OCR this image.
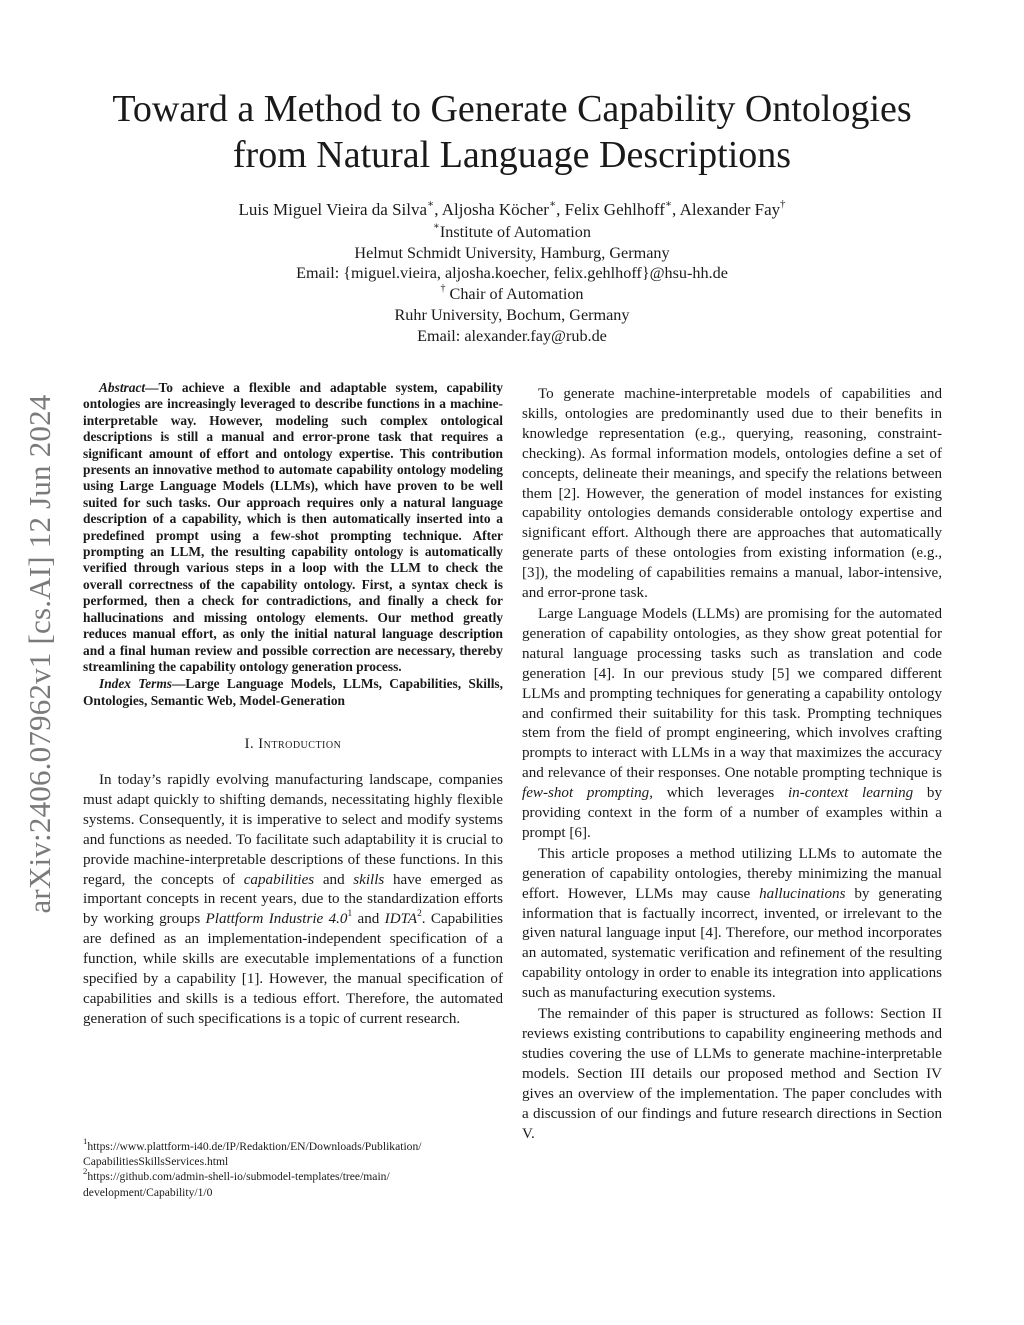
Toward a Method to Generate Capability Ontologies
from Natural Language Descriptions
Luis Miguel Vieira da Silva∗, Aljosha Köcher∗, Felix Gehlhoff∗, Alexander Fay†
∗Institute of Automation
Helmut Schmidt University, Hamburg, Germany
Email: {miguel.vieira, aljosha.koecher, felix.gehlhoff}@hsu-hh.de
† Chair of Automation
Ruhr University, Bochum, Germany
Email: alexander.fay@rub.de
arXiv:2406.07962v1 [cs.AI] 12 Jun 2024

Abstract—To achieve a flexible and adaptable system, capability ontologies are increasingly leveraged to describe functions in a machine-interpretable way. However, modeling such complex ontological descriptions is still a manual and error-prone task that requires a significant amount of effort and ontology expertise. This contribution presents an innovative method to automate capability ontology modeling using Large Language Models (LLMs), which have proven to be well suited for such tasks. Our approach requires only a natural language description of a capability, which is then automatically inserted into a predefined prompt using a few-shot prompting technique. After prompting an LLM, the resulting capability ontology is automatically verified through various steps in a loop with the LLM to check the overall correctness of the capability ontology. First, a syntax check is performed, then a check for contradictions, and finally a check for hallucinations and missing ontology elements. Our method greatly reduces manual effort, as only the initial natural language description and a final human review and possible correction are necessary, thereby streamlining the capability ontology generation process.

Index Terms—Large Language Models, LLMs, Capabilities, Skills, Ontologies, Semantic Web, Model-Generation

I. Introduction

In today’s rapidly evolving manufacturing landscape, companies must adapt quickly to shifting demands, necessitating highly flexible systems. Consequently, it is imperative to select and modify systems and functions as needed. To facilitate such adaptability it is crucial to provide machine-interpretable descriptions of these functions. In this regard, the concepts of capabilities and skills have emerged as important concepts in recent years, due to the standardization efforts by working groups Plattform Industrie $4.0^1$ and IDTA$^2$. Capabilities are defined as an implementation-independent specification of a function, while skills are executable implementations of a function specified by a capability [1]. However, the manual specification of capabilities and skills is a tedious effort. Therefore, the automated generation of such specifications is a topic of current research.

To generate machine-interpretable models of capabilities and skills, ontologies are predominantly used due to their benefits in knowledge representation (e.g., querying, reasoning, constraint-checking). As formal information models, ontologies define a set of concepts, delineate their meanings, and specify the relations between them [2]. However, the generation of model instances for existing capability ontologies demands considerable ontology expertise and significant effort. Although there are approaches that automatically generate parts of these ontologies from existing information (e.g., [3]), the modeling of capabilities remains a manual, labor-intensive, and error-prone task.

Large Language Models (LLMs) are promising for the automated generation of capability ontologies, as they show great potential for natural language processing tasks such as translation and code generation [4]. In our previous study [5] we compared different LLMs and prompting techniques for generating a capability ontology and confirmed their suitability for this task. Prompting techniques stem from the field of prompt engineering, which involves crafting prompts to interact with LLMs in a way that maximizes the accuracy and relevance of their responses. One notable prompting technique is few-shot prompting, which leverages in-context learning by providing context in the form of a number of examples within a prompt [6].

This article proposes a method utilizing LLMs to automate the generation of capability ontologies, thereby minimizing the manual effort. However, LLMs may cause hallucinations by generating information that is factually incorrect, invented, or irrelevant to the given natural language input [4]. Therefore, our method incorporates an automated, systematic verification and refinement of the resulting capability ontology in order to enable its integration into applications such as manufacturing execution systems.

The remainder of this paper is structured as follows: Section II reviews existing contributions to capability engineering methods and studies covering the use of LLMs to generate machine-interpretable models. Section III details our proposed method and Section IV gives an overview of the implementation. The paper concludes with a discussion of our findings and future research directions in Section V.

$^1$https://www.plattform-i40.de/IP/Redaktion/EN/Downloads/Publikation/
CapabilitiesSkillsServices.html
$^2$https://github.com/admin-shell-io/submodel-templates/tree/main/
development/Capability/1/0
